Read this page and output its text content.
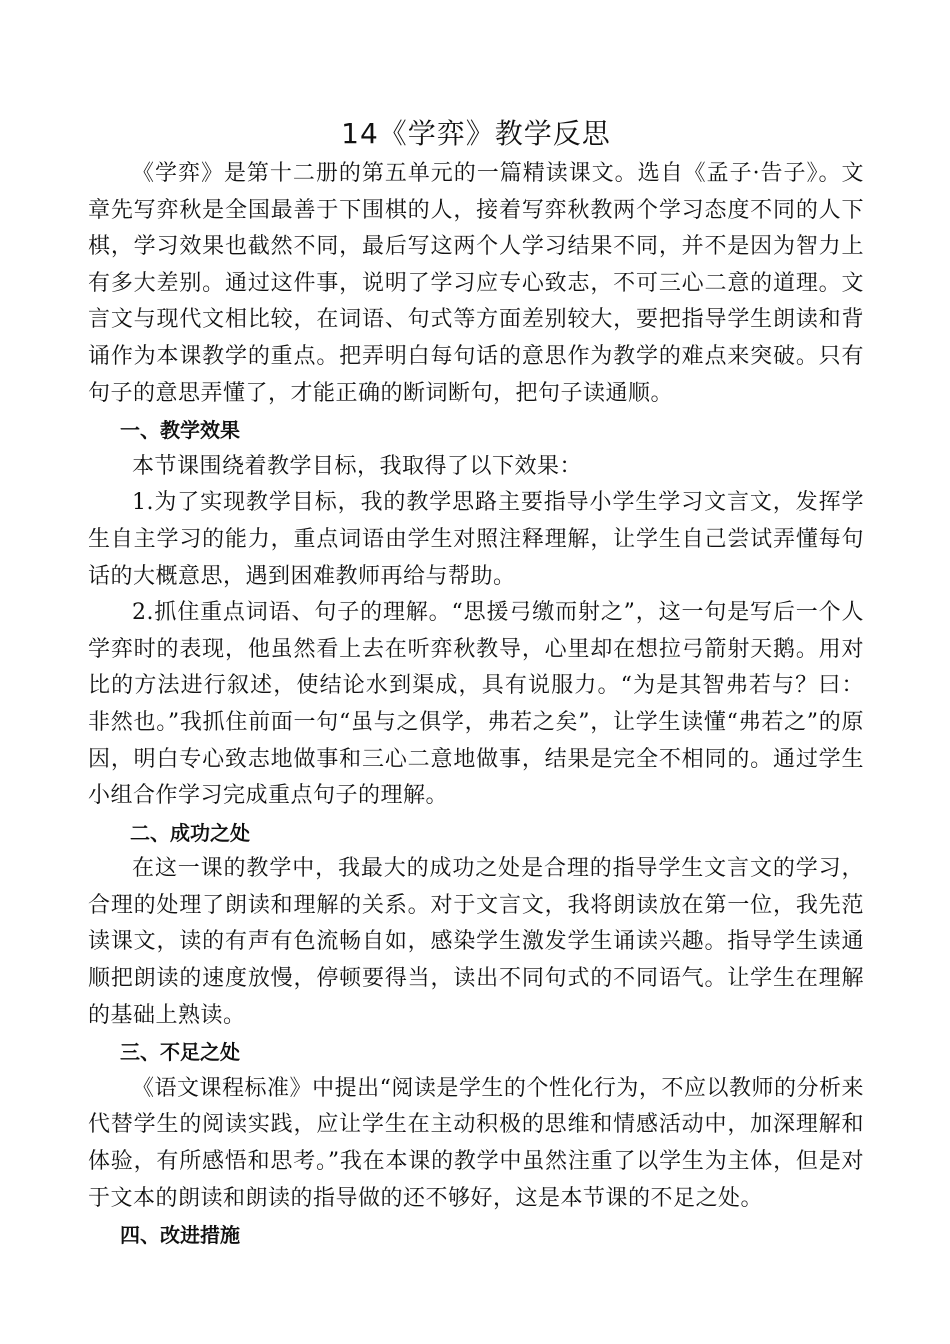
14《学弈》教学反思

《学弈》是第十二册的第五单元的一篇精读课文。选自《孟子·告子》。文章先写弈秋是全国最善于下围棋的人，接着写弈秋教两个学习态度不同的人下棋，学习效果也截然不同，最后写这两个人学习结果不同，并不是因为智力上有多大差别。通过这件事，说明了学习应专心致志，不可三心二意的道理。文言文与现代文相比较，在词语、句式等方面差别较大，要把指导学生朗读和背诵作为本课教学的重点。把弄明白每句话的意思作为教学的难点来突破。只有句子的意思弄懂了，才能正确的断词断句，把句子读通顺。

一、教学效果

本节课围绕着教学目标，我取得了以下效果：

1.为了实现教学目标，我的教学思路主要指导小学生学习文言文，发挥学生自主学习的能力，重点词语由学生对照注释理解，让学生自己尝试弄懂每句话的大概意思，遇到困难教师再给与帮助。

2.抓住重点词语、句子的理解。“思援弓缴而射之”，这一句是写后一个人学弈时的表现，他虽然看上去在听弈秋教导，心里却在想拉弓箭射天鹅。用对比的方法进行叙述，使结论水到渠成，具有说服力。“为是其智弗若与？曰：非然也。”我抓住前面一句“虽与之俱学，弗若之矣”，让学生读懂“弗若之”的原因，明白专心致志地做事和三心二意地做事，结果是完全不相同的。通过学生小组合作学习完成重点句子的理解。

二、成功之处

在这一课的教学中，我最大的成功之处是合理的指导学生文言文的学习，合理的处理了朗读和理解的关系。对于文言文，我将朗读放在第一位，我先范读课文，读的有声有色流畅自如，感染学生激发学生诵读兴趣。指导学生读通顺把朗读的速度放慢，停顿要得当，读出不同句式的不同语气。让学生在理解的基础上熟读。

三、不足之处

《语文课程标准》中提出“阅读是学生的个性化行为，不应以教师的分析来代替学生的阅读实践，应让学生在主动积极的思维和情感活动中，加深理解和体验，有所感悟和思考。”我在本课的教学中虽然注重了以学生为主体，但是对于文本的朗读和朗读的指导做的还不够好，这是本节课的不足之处。

四、改进措施
